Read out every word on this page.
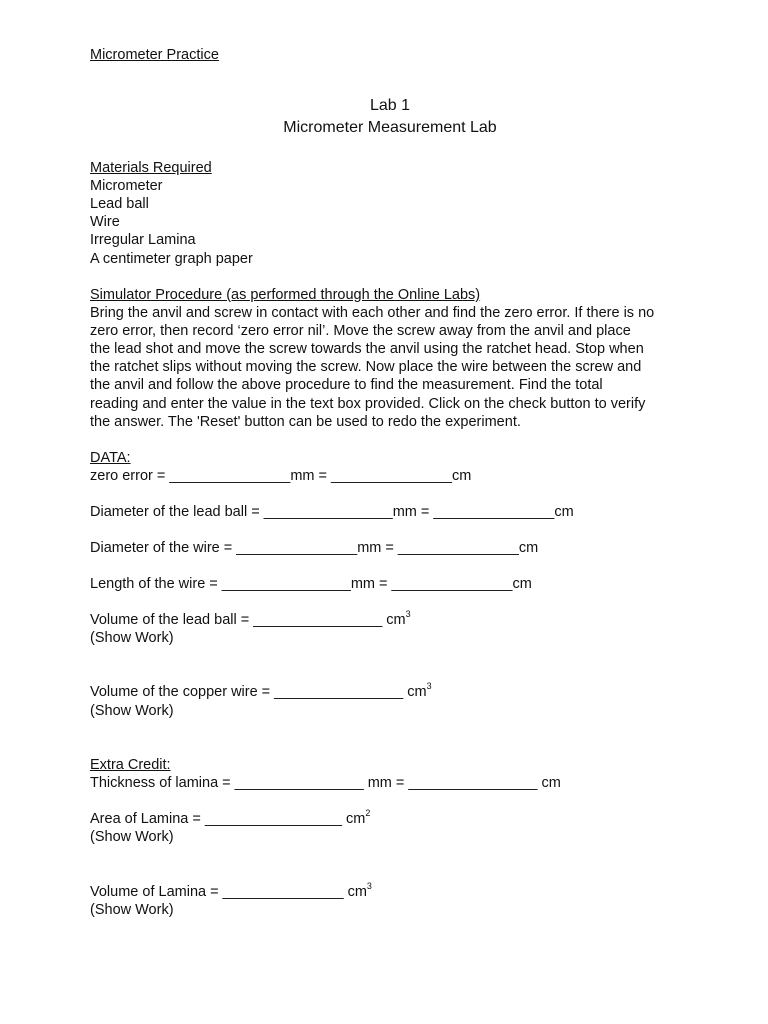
Micrometer Practice
Lab 1
Micrometer Measurement Lab
Materials Required
Micrometer
Lead ball
Wire
Irregular Lamina
A centimeter graph paper
Simulator Procedure (as performed through the Online Labs)
Bring the anvil and screw in contact with each other and find the zero error. If there is no
zero error, then record ‘zero error nil’. Move the screw away from the anvil and place
the lead shot and move the screw towards the anvil using the ratchet head. Stop when
the ratchet slips without moving the screw. Now place the wire between the screw and
the anvil and follow the above procedure to find the measurement. Find the total
reading and enter the value in the text box provided. Click on the check button to verify
the answer. The 'Reset' button can be used to redo the experiment.
DATA:
zero error = _______________mm = _______________cm
Diameter of the lead ball = ________________mm = _______________cm
Diameter of the wire = _______________mm = _______________cm
Length of the wire = ________________mm = _______________cm
Volume of the lead ball = ________________ $cm^3$
(Show Work)
Volume of the copper wire = ________________ $cm^3$
(Show Work)
Extra Credit:
Thickness of lamina = ________________ mm = ________________ cm
Area of Lamina = _________________ $cm^2$
(Show Work)
Volume of Lamina = _______________ $cm^3$
(Show Work)
